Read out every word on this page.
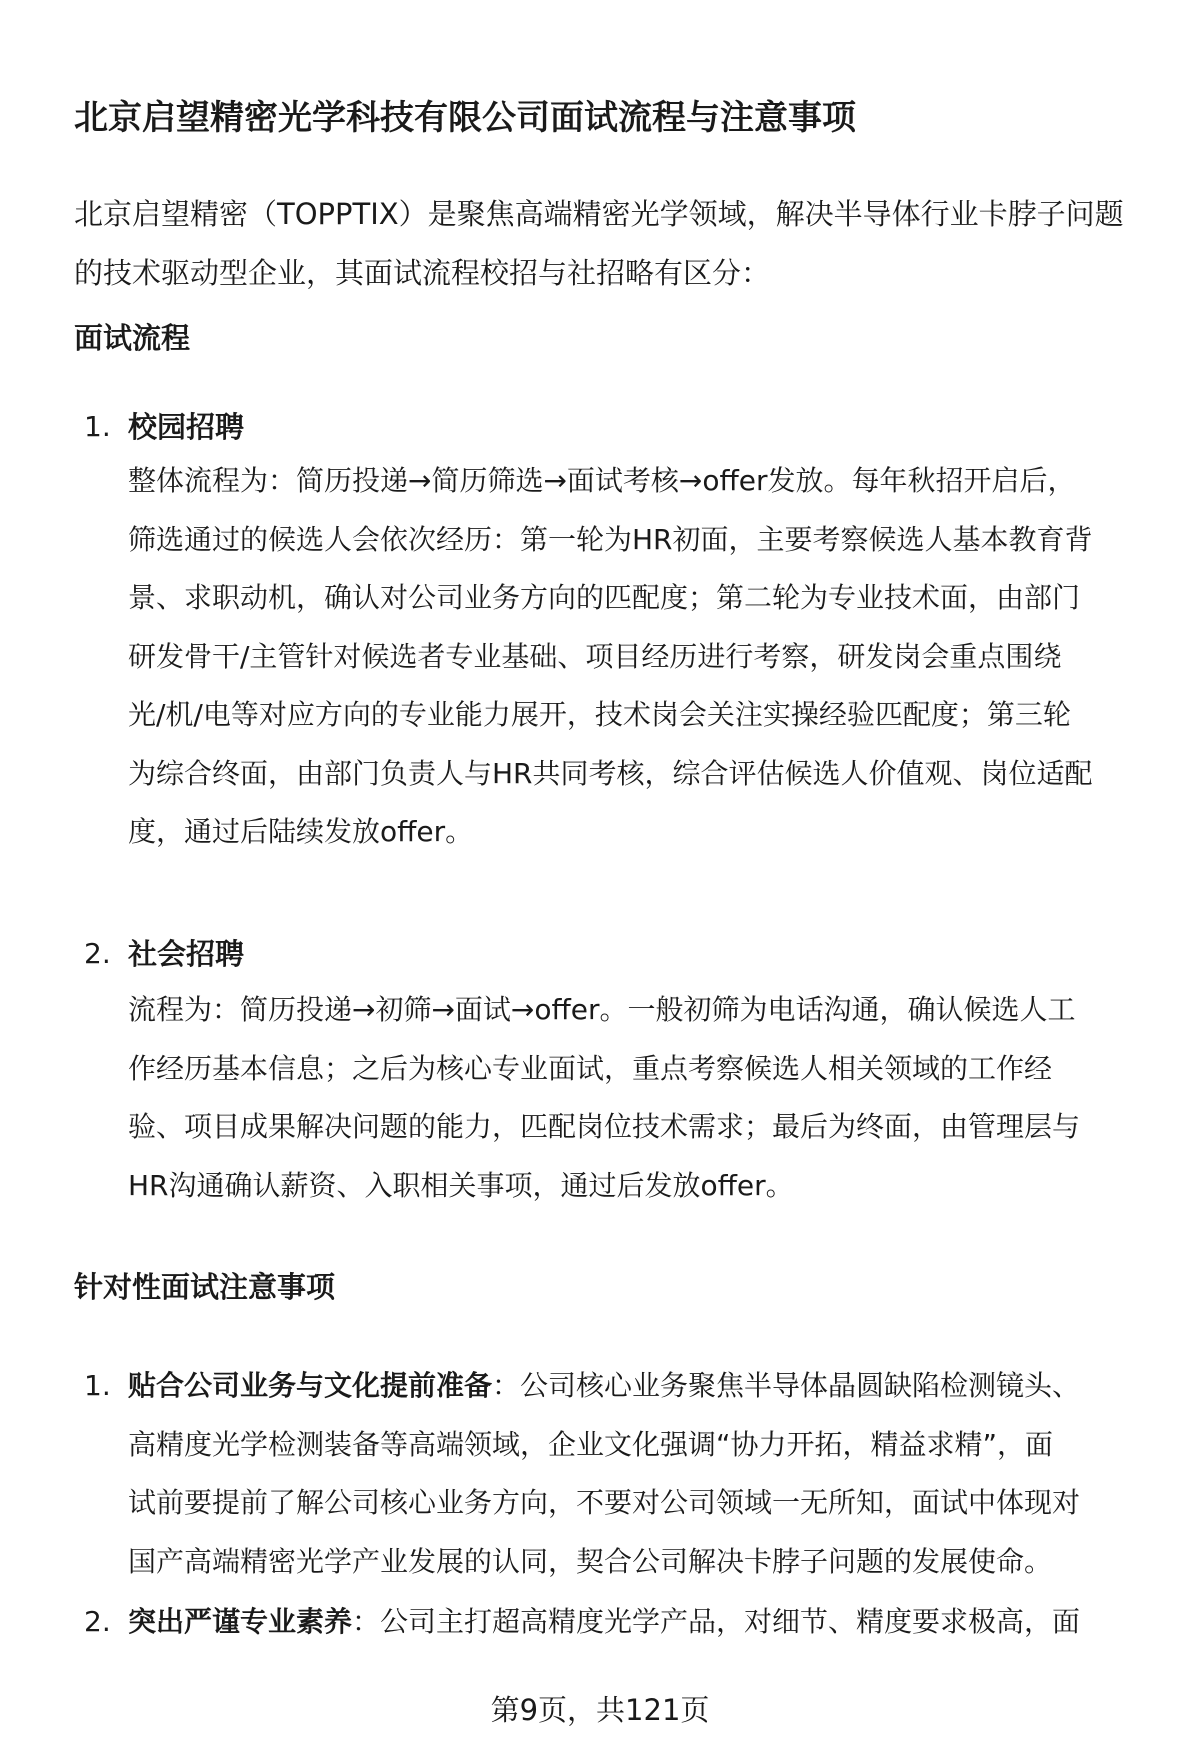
北京启望精密光学科技有限公司面试流程与注意事项
北京启望精密（TOPPTIX）是聚焦高端精密光学领域，解决半导体行业卡脖子问题
的技术驱动型企业，其面试流程校招与社招略有区分：
面试流程
1. 校园招聘
整体流程为：简历投递→简历筛选→面试考核→offer发放。每年秋招开启后，
筛选通过的候选人会依次经历：第一轮为HR初面，主要考察候选人基本教育背
景、求职动机，确认对公司业务方向的匹配度；第二轮为专业技术面，由部门
研发骨干/主管针对候选者专业基础、项目经历进行考察，研发岗会重点围绕
光/机/电等对应方向的专业能力展开，技术岗会关注实操经验匹配度；第三轮
为综合终面，由部门负责人与HR共同考核，综合评估候选人价值观、岗位适配
度，通过后陆续发放offer。
2. 社会招聘
流程为：简历投递→初筛→面试→offer。一般初筛为电话沟通，确认候选人工
作经历基本信息；之后为核心专业面试，重点考察候选人相关领域的工作经
验、项目成果解决问题的能力，匹配岗位技术需求；最后为终面，由管理层与
HR沟通确认薪资、入职相关事项，通过后发放offer。
针对性面试注意事项
1. 贴合公司业务与文化提前准备：公司核心业务聚焦半导体晶圆缺陷检测镜头、
高精度光学检测装备等高端领域，企业文化强调“协力开拓，精益求精”，面
试前要提前了解公司核心业务方向，不要对公司领域一无所知，面试中体现对
国产高端精密光学产业发展的认同，契合公司解决卡脖子问题的发展使命。
2. 突出严谨专业素养：公司主打超高精度光学产品，对细节、精度要求极高，面
第9页，共121页
